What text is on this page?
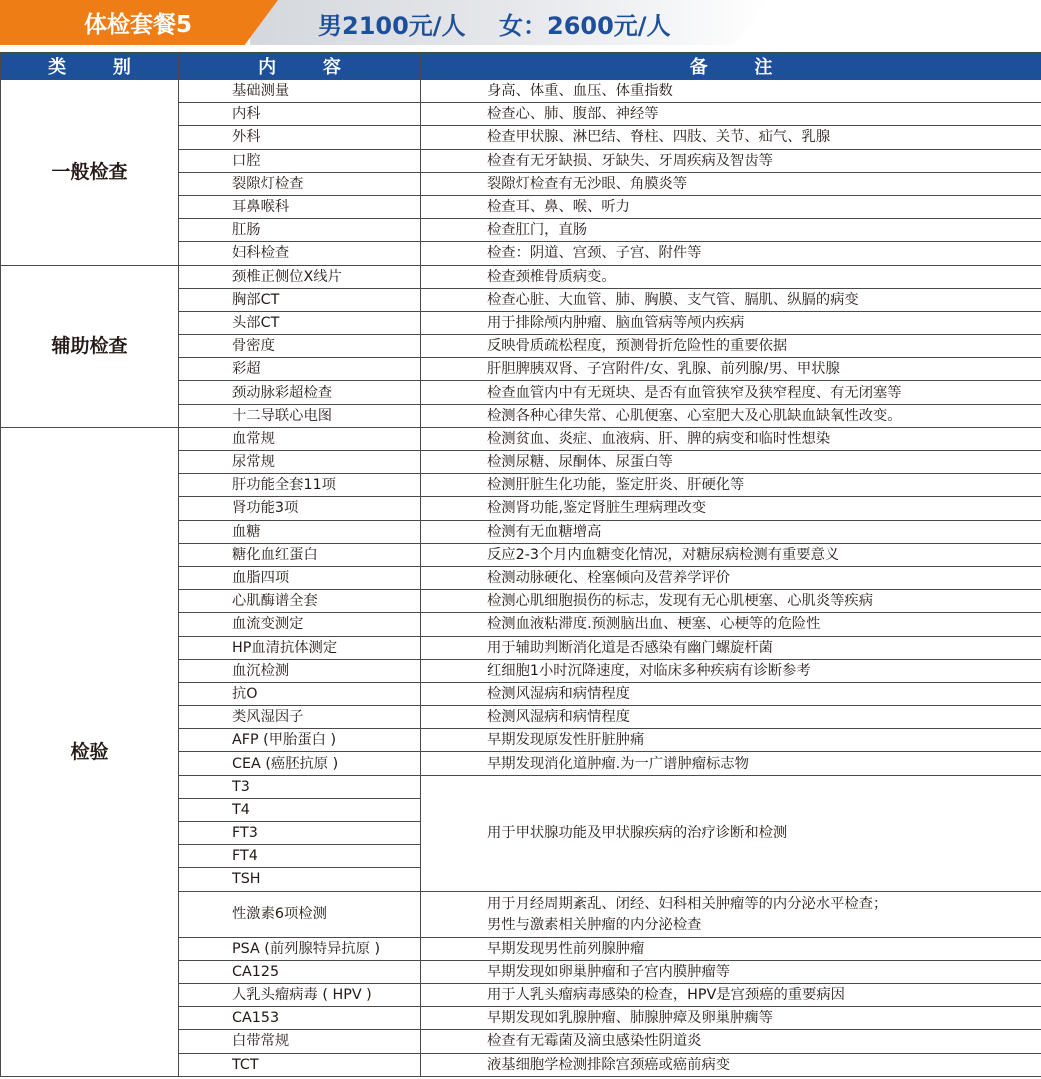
体检套餐5	男2100元/人 女：2600元/人
类　别	内　容	备　注
一般检查	基础测量	身高、体重、血压、体重指数
	内科	检查心、肺、腹部、神经等
	外科	检查甲状腺、淋巴结、脊柱、四肢、关节、疝气、乳腺
	口腔	检查有无牙缺损、牙缺失、牙周疾病及智齿等
	裂隙灯检查	裂隙灯检查有无沙眼、角膜炎等
	耳鼻喉科	检查耳、鼻、喉、听力
	肛肠	检查肛门，直肠
	妇科检查	检查：阴道、宫颈、子宫、附件等
辅助检查	颈椎正侧位X线片	检查颈椎骨质病变。
	胸部CT	检查心脏、大血管、肺、胸膜、支气管、膈肌、纵膈的病变
	头部CT	用于排除颅内肿瘤、脑血管病等颅内疾病
	骨密度	反映骨质疏松程度，预测骨折危险性的重要依据
	彩超	肝胆脾胰双肾、子宫附件/女、乳腺、前列腺/男、甲状腺
	颈动脉彩超检查	检查血管内中有无斑块、是否有血管狭窄及狭窄程度、有无闭塞等
	十二导联心电图	检测各种心律失常、心肌便塞、心室肥大及心肌缺血缺氧性改变。
检验	血常规	检测贫血、炎症、血液病、肝、脾的病变和临时性想染
	尿常规	检测尿糖、尿酮体、尿蛋白等
	肝功能全套11项	检测肝脏生化功能，鉴定肝炎、肝硬化等
	肾功能3项	检测肾功能,鉴定肾脏生理病理改变
	血糖	检测有无血糖增高
	糖化血红蛋白	反应2-3个月内血糖变化情况，对糖尿病检测有重要意义
	血脂四项	检测动脉硬化、栓塞倾向及营养学评价
	心肌酶谱全套	检测心肌细胞损伤的标志，发现有无心肌梗塞、心肌炎等疾病
	血流变测定	检测血液粘滞度.预测脑出血、梗塞、心梗等的危险性
	HP血清抗体测定	用于辅助判断消化道是否感染有幽门螺旋杆菌
	血沉检测	红细胞1小时沉降速度，对临床多种疾病有诊断参考
	抗O	检测风湿病和病情程度
	类风湿因子	检测风湿病和病情程度
	AFP (甲胎蛋白 )	早期发现原发性肝脏肿痛
	CEA (癌胚抗原 )	早期发现消化道肿瘤.为一广谱肿瘤标志物
	T3	用于甲状腺功能及甲状腺疾病的治疗诊断和检测
	T4	
	FT3	
	FT4	
	TSH	
	性激素6项检测	用于月经周期紊乱、闭经、妇科相关肿瘤等的内分泌水平检查；
男性与激素相关肿瘤的内分泌检查

	PSA (前列腺特异抗原 )	早期发现男性前列腺肿瘤
	CA125	早期发现如卵巢肿瘤和子宫内膜肿瘤等
	人乳头瘤病毒 ( HPV )	用于人乳头瘤病毒感染的检查，HPV是宫颈癌的重要病因
	CA153	早期发现如乳腺肿瘤、肺腺肿瘴及卵巢肿瘸等
	白带常规	检查有无霉菌及滴虫感染性阴道炎
	TCT	液基细胞学检测排除宫颈癌或癌前病变
